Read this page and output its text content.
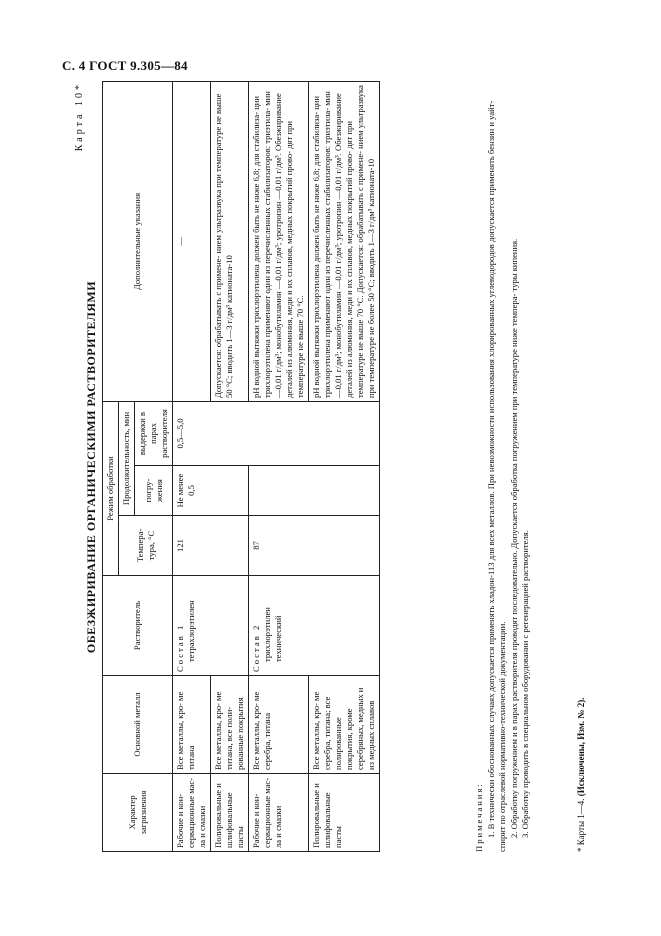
С. 4 ГОСТ 9.305—84
Карта 10*
ОБЕЗЖИРИВАНИЕ ОРГАНИЧЕСКИМИ РАСТВОРИТЕЛЯМИ
Характер загрязнения	Основной металл	Растворитель	Режим обработки			Дополнительные указания
			Темпера- тура, °С	Продолжительность, мин		
				погру- жения	выдержки в парах растворителя	
Рабочие и кон- сервационные мас- ла и смазки	Все металлы, кро- ме титана	Состав 1 тетрахлорэтилен	121	Не менее 0,5	0,5—5,0	—
Полировальные и шлифовальные пасты	Все металлы, кро- ме титана, все поли- рованные покрытия					Допускается: обрабатывать с примене- нием ультразвука при температуре не выше 50 °С; вводить 1—3 г/дм³ катионата-10
Рабочие и кон- сервационные мас- ла и смазки	Все металлы, кро- ме серебра, титана	Состав 2 трихлорэтилен технический	87			pH водной вытяжки трихлорэтилена должен быть не ниже 6,8; для стабилиза- ции трихлорэтилена применяют один из перечисленных стабилизаторов: триэтила- мин —0,01 г/дм³; монобутиламин —0,01 г/дм³; уротропин —0,01 г/дм³. Обезжиривание деталей из алюминия, меди и их сплавов, медных покрытий прово- дят при температуре не выше 70 °С.
Полировальные и шлифовальные пасты	Все металлы, кро- ме серебра, титана; все полированные покрытия, кроме серебряных, медных и из медных сплавов					pH водной вытяжки трихлорэтилена должен быть не ниже 6,8; для стабилиза- ции трихлорэтилена применяют один из перечисленных стабилизаторов: триэтила- мин —0,01 г/дм³; монобутиламин —0,01 г/дм³; уротропин —0,01 г/дм³. Обезжиривание деталей из алюминия, меди и их сплавов, медных покрытий прово- дят при температуре не выше 70 °С. Допускается: обрабатывать с примене- нием ультразвука при температуре не более 50 °С; вводить 1—3 г/дм³ катионата-10

Примечания: 1. В технически обоснованных случаях допускается применять хладон-113 для всех металлов. При невозможности использования хлорированных углеводородов допускается применять бензин и уайт-спирит по отраслевой нормативно-технической документации. 2. Обработку погружением и в парах растворителя проводят последовательно. Допускается обработка погружением при температуре ниже темпера- туры кипения. 3. Обработку проводить в специальном оборудовании с регенерацией растворителя.	* Карты 1—4. (Исключены, Изм. № 2).
